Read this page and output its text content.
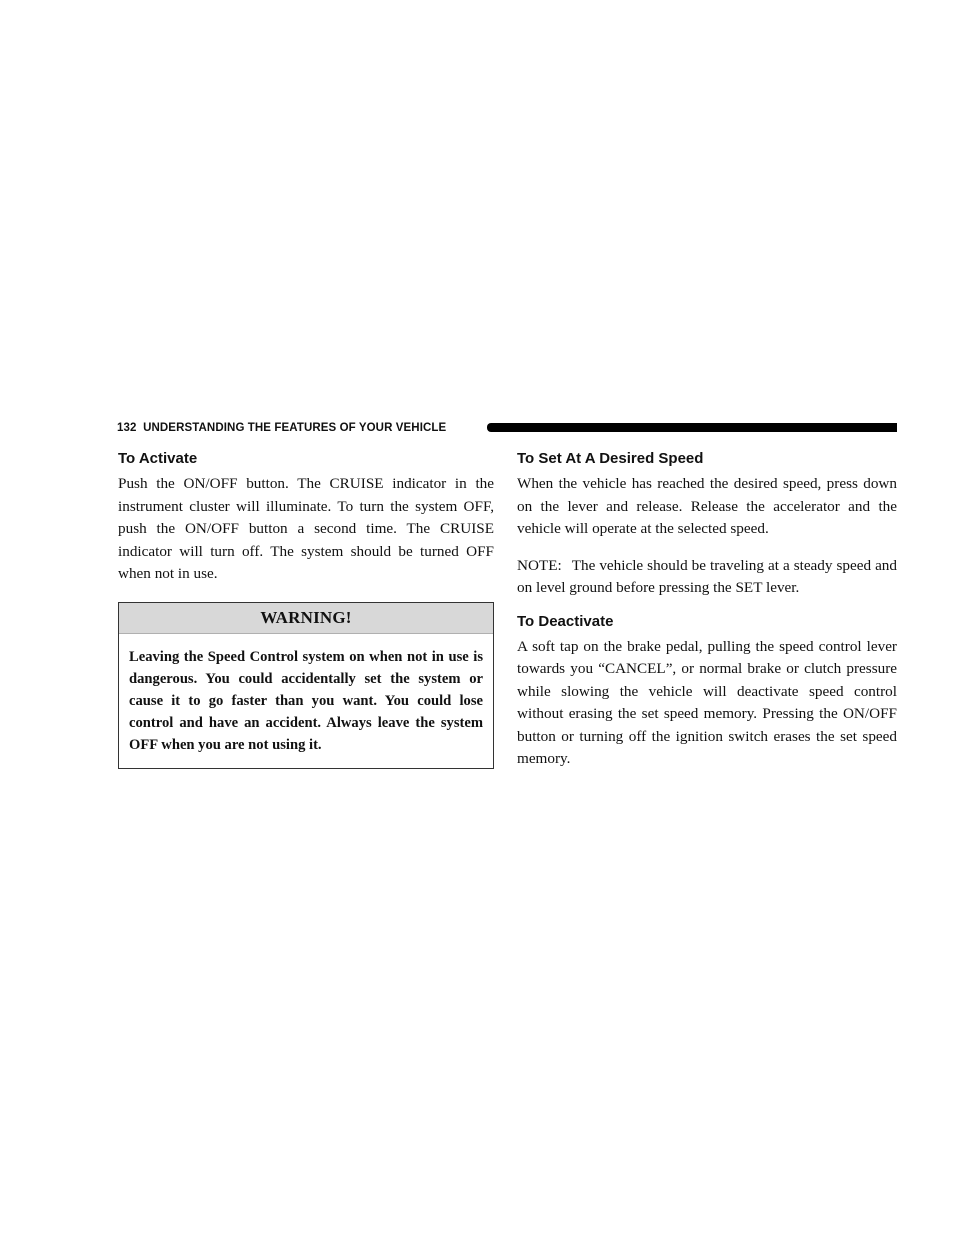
132 UNDERSTANDING THE FEATURES OF YOUR VEHICLE
To Activate

Push the ON/OFF button. The CRUISE indicator in the instrument cluster will illuminate. To turn the system OFF, push the ON/OFF button a second time. The CRUISE indicator will turn off. The system should be turned OFF when not in use.

WARNING!
Leaving the Speed Control system on when not in use is dangerous. You could accidentally set the system or cause it to go faster than you want. You could lose control and have an accident. Always leave the system OFF when you are not using it.
To Set At A Desired Speed

When the vehicle has reached the desired speed, press down on the lever and release. Release the accelerator and the vehicle will operate at the selected speed.

NOTE: The vehicle should be traveling at a steady speed and on level ground before pressing the SET lever.

To Deactivate

A soft tap on the brake pedal, pulling the speed control lever towards you “CANCEL”, or normal brake or clutch pressure while slowing the vehicle will deactivate speed control without erasing the set speed memory. Pressing the ON/OFF button or turning off the ignition switch erases the set speed memory.
